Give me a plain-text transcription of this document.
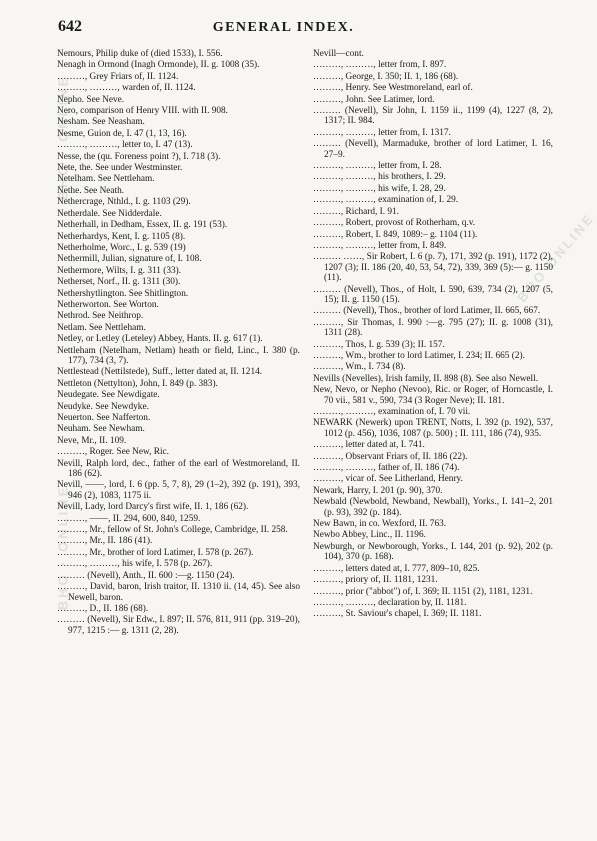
642	GENERAL INDEX.
BHO · ONLINE
BHO · ONLINE
BHO ONLINE
Nemours, Philip duke of (died 1533), I. 556.
Nenagh in Ormond (Inagh Ormonde), II. g. 1008 (35).
………, Grey Friars of, II. 1124.
………, ………, warden of, II. 1124.
Nepho. See Neve.
Nero, comparison of Henry VIII. with II. 908.
Nesham. See Neasham.
Nesme, Guion de, I. 47 (1, 13, 16).
………, ………, letter to, I. 47 (13).
Nesse, the (qu. Foreness point ?), I. 718 (3).
Nete, the. See under Westminster.
Netelham. See Nettleham.
Nethe. See Neath.
Nethercrage, Nthld., I. g. 1103 (29).
Netherdale. See Nidderdale.
Netherhall, in Dedham, Essex, II. g. 191 (53).
Netherhardys, Kent, I. g. 1105 (8).
Netherholme, Worc., I. g. 539 (19)
Nethermill, Julian, signature of, I. 108.
Nethermore, Wilts, I. g. 311 (33).
Netherset, Norf., II. g. 1311 (30).
Nethershytlington. See Shitlington.
Netherworton. See Worton.
Nethrod. See Neithrop.
Netlam. See Nettleham.
Netley, or Letley (Leteley) Abbey, Hants. II. g. 617 (1).
Nettleham (Netelham, Netlam) heath or field, Linc., I. 380 (p. 177), 734 (3, 7).
Nettlestead (Nettilstede), Suff., letter dated at, II. 1214.
Nettleton (Nettylton), John, I. 849 (p. 383).
Neudegate. See Newdigate.
Neudyke. See Newdyke.
Neuerton. See Nafferton.
Neuham. See Newham.
Neve, Mr., II. 109.
………, Roger. See New, Ric.
Nevill, Ralph lord, dec., father of the earl of Westmoreland, II. 186 (62).
Nevill, ——, lord, I. 6 (pp. 5, 7, 8), 29 (1–2), 392 (p. 191), 393, 946 (2), 1083, 1175 ii.
Nevill, Lady, lord Darcy's first wife, II. 1, 186 (62).
………, ——, II. 294, 600, 840, 1259.
………, Mr., fellow of St. John's College, Cambridge, II. 258.
………, Mr., II. 186 (41).
………, Mr., brother of lord Latimer, I. 578 (p. 267).
………, ………, his wife, I. 578 (p. 267).
……… (Nevell), Anth., II. 600 :—g. 1150 (24).
………, David, baron, Irish traitor, II. 1310 ii. (14, 45). See also Newell, baron.
………, D., II. 186 (68).
……… (Nevell), Sir Edw., I. 897; II. 576, 811, 911 (pp. 319–20), 977, 1215 :— g. 1311 (2, 28).
Nevill—cont.
………, ………, letter from, I. 897.
………, George, I. 350; II. 1, 186 (68).
………, Henry. See Westmoreland, earl of.
………, John. See Latimer, lord.
……… (Nevell), Sir John, I. 1159 ii., 1199 (4), 1227 (8, 2), 1317; II. 984.
………, ………, letter from, I. 1317.
……… (Nevell), Marmaduke, brother of lord Latimer, I. 16, 27–9.
………, ………, letter from, I. 28.
………, ………, his brothers, I. 29.
………, ………, his wife, I. 28, 29.
………, ………, examination of, I. 29.
………, Richard, I. 91.
………, Robert, provost of Rotherham, q.v.
………, Robert, I. 849, 1089:– g. 1104 (11).
………, ………, letter from, I. 849.
……… ……, Sir Robert, I. 6 (p. 7), 171, 392 (p. 191), 1172 (2), 1207 (3); II. 186 (20, 40, 53, 54, 72), 339, 369 (5):— g. 1150 (11).
……… (Nevell), Thos., of Holt, I. 590, 639, 734 (2), 1207 (5, 15); II. g. 1150 (15).
……… (Nevell), Thos., brother of lord Latimer, II. 665, 667.
………, Sir Thomas, I. 990 :—g. 795 (27); II. g. 1008 (31), 1311 (28).
………, Thos, I. g. 539 (3); II. 157.
………, Wm., brother to lord Latimer, I. 234; II. 665 (2).
………, Wm., I. 734 (8).
Nevills (Nevelles), Irish family, II. 898 (8). See also Newell.
New, Nevo, or Nepho (Nevoo), Ric. or Roger, of Horncastle, I. 70 vii., 581 v., 590, 734 (3 Roger Neve); II. 181.
………, ………, examination of, I. 70 vii.
NEWARK (Newerk) upon TRENT, Notts, I. 392 (p. 192), 537, 1012 (p. 456), 1036, 1087 (p. 500) ; II. 111, 186 (74), 935.
………, letter dated at, I. 741.
………, Observant Friars of, II. 186 (22).
………, ………, father of, II. 186 (74).
………, vicar of. See Litherland, Henry.
Newark, Harry, I. 201 (p. 90), 370.
Newbald (Newbold, Newband, Newball), Yorks., I. 141–2, 201 (p. 93), 392 (p. 184).
New Bawn, in co. Wexford, II. 763.
Newbo Abbey, Linc., II. 1196.
Newburgh, or Newborough, Yorks., I. 144, 201 (p. 92), 202 (p. 104), 370 (p. 168).
………, letters dated at, I. 777, 809–10, 825.
………, priory of, II. 1181, 1231.
………, prior ("abbot") of, I. 369; II. 1151 (2), 1181, 1231.
………, ………, declaration by, II. 1181.
………, St. Saviour's chapel, I. 369; II. 1181.
